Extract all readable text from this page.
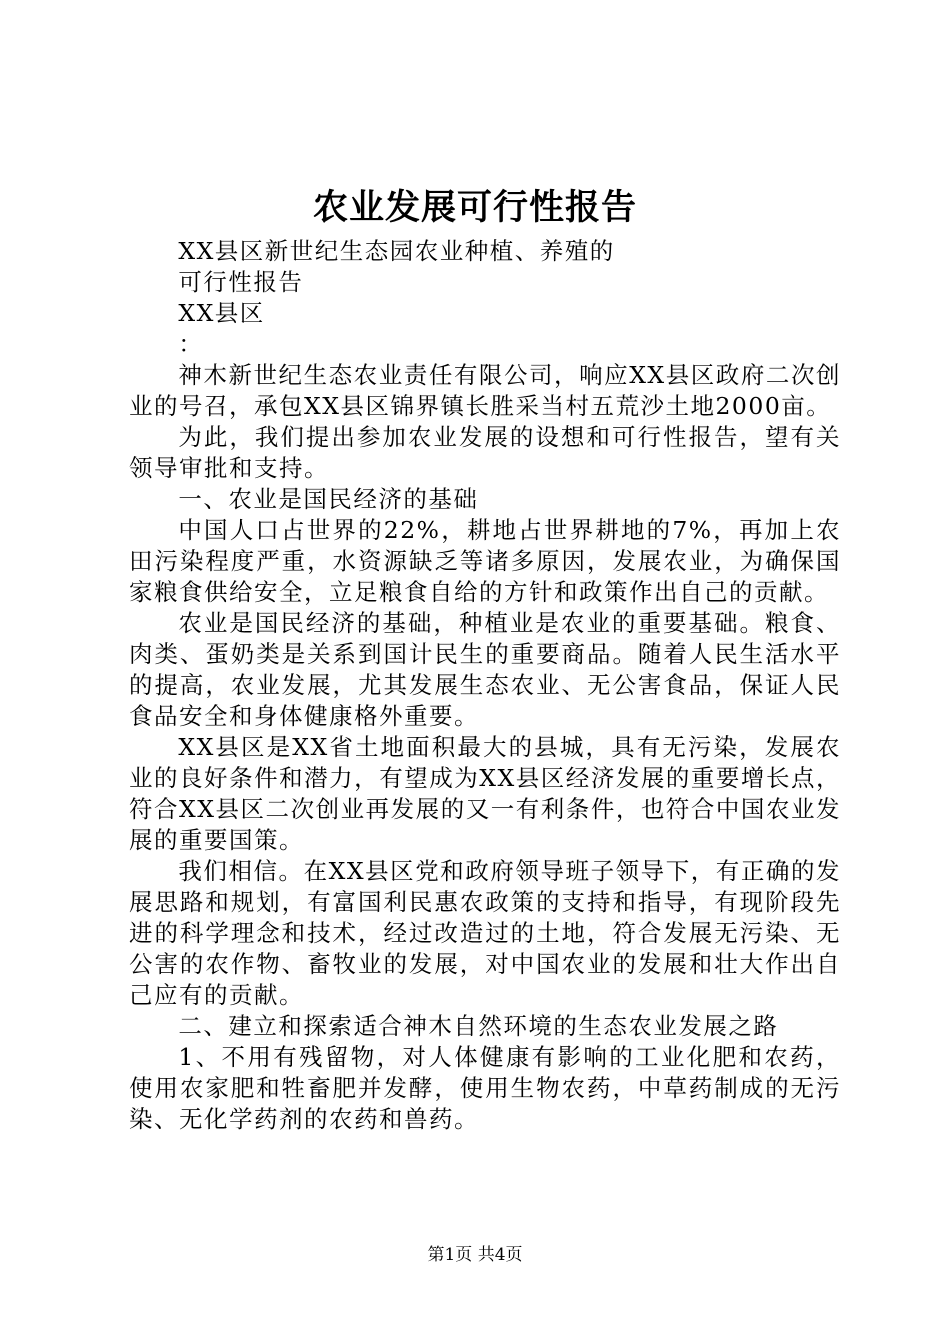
农业发展可行性报告

XX县区新世纪生态园农业种植、养殖的

可行性报告

XX县区

：

神木新世纪生态农业责任有限公司，响应XX县区政府二次创业的号召，承包XX县区锦界镇长胜采当村五荒沙土地2000亩。

为此，我们提出参加农业发展的设想和可行性报告，望有关领导审批和支持。

一、农业是国民经济的基础

中国人口占世界的22%，耕地占世界耕地的7%，再加上农田污染程度严重，水资源缺乏等诸多原因，发展农业，为确保国家粮食供给安全，立足粮食自给的方针和政策作出自己的贡献。

农业是国民经济的基础，种植业是农业的重要基础。粮食、肉类、蛋奶类是关系到国计民生的重要商品。随着人民生活水平的提高，农业发展，尤其发展生态农业、无公害食品，保证人民食品安全和身体健康格外重要。

XX县区是XX省土地面积最大的县城，具有无污染，发展农业的良好条件和潜力，有望成为XX县区经济发展的重要增长点，符合XX县区二次创业再发展的又一有利条件，也符合中国农业发展的重要国策。

我们相信。在XX县区党和政府领导班子领导下，有正确的发展思路和规划，有富国利民惠农政策的支持和指导，有现阶段先进的科学理念和技术，经过改造过的土地，符合发展无污染、无公害的农作物、畜牧业的发展，对中国农业的发展和壮大作出自己应有的贡献。

二、建立和探索适合神木自然环境的生态农业发展之路

1、不用有残留物，对人体健康有影响的工业化肥和农药，使用农家肥和牲畜肥并发酵，使用生物农药，中草药制成的无污染、无化学药剂的农药和兽药。

第1页 共4页
